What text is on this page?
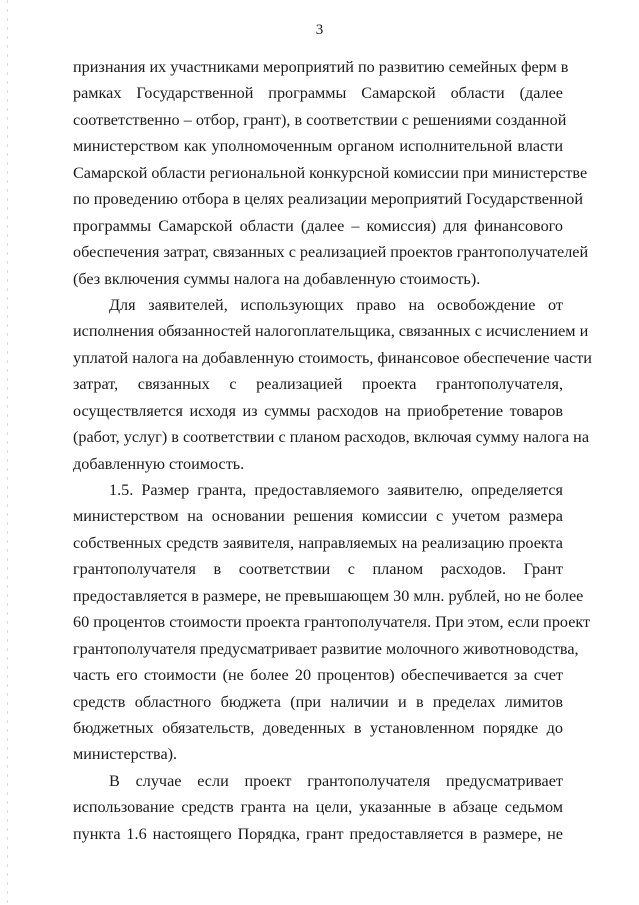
3
признания их участниками мероприятий по развитию семейных ферм в
рамках Государственной программы Самарской области (далее
соответственно – отбор, грант), в соответствии с решениями созданной
министерством как уполномоченным органом исполнительной власти
Самарской области региональной конкурсной комиссии при министерстве
по проведению отбора в целях реализации мероприятий Государственной
программы Самарской области (далее – комиссия) для финансового
обеспечения затрат, связанных с реализацией проектов грантополучателей
(без включения суммы налога на добавленную стоимость).
Для заявителей, использующих право на освобождение от
исполнения обязанностей налогоплательщика, связанных с исчислением и
уплатой налога на добавленную стоимость, финансовое обеспечение части
затрат, связанных с реализацией проекта грантополучателя,
осуществляется исходя из суммы расходов на приобретение товаров
(работ, услуг) в соответствии с планом расходов, включая сумму налога на
добавленную стоимость.
1.5. Размер гранта, предоставляемого заявителю, определяется
министерством на основании решения комиссии с учетом размера
собственных средств заявителя, направляемых на реализацию проекта
грантополучателя в соответствии с планом расходов. Грант
предоставляется в размере, не превышающем 30 млн. рублей, но не более
60 процентов стоимости проекта грантополучателя. При этом, если проект
грантополучателя предусматривает развитие молочного животноводства,
часть его стоимости (не более 20 процентов) обеспечивается за счет
средств областного бюджета (при наличии и в пределах лимитов
бюджетных обязательств, доведенных в установленном порядке до
министерства).
В случае если проект грантополучателя предусматривает
использование средств гранта на цели, указанные в абзаце седьмом
пункта 1.6 настоящего Порядка, грант предоставляется в размере, не
